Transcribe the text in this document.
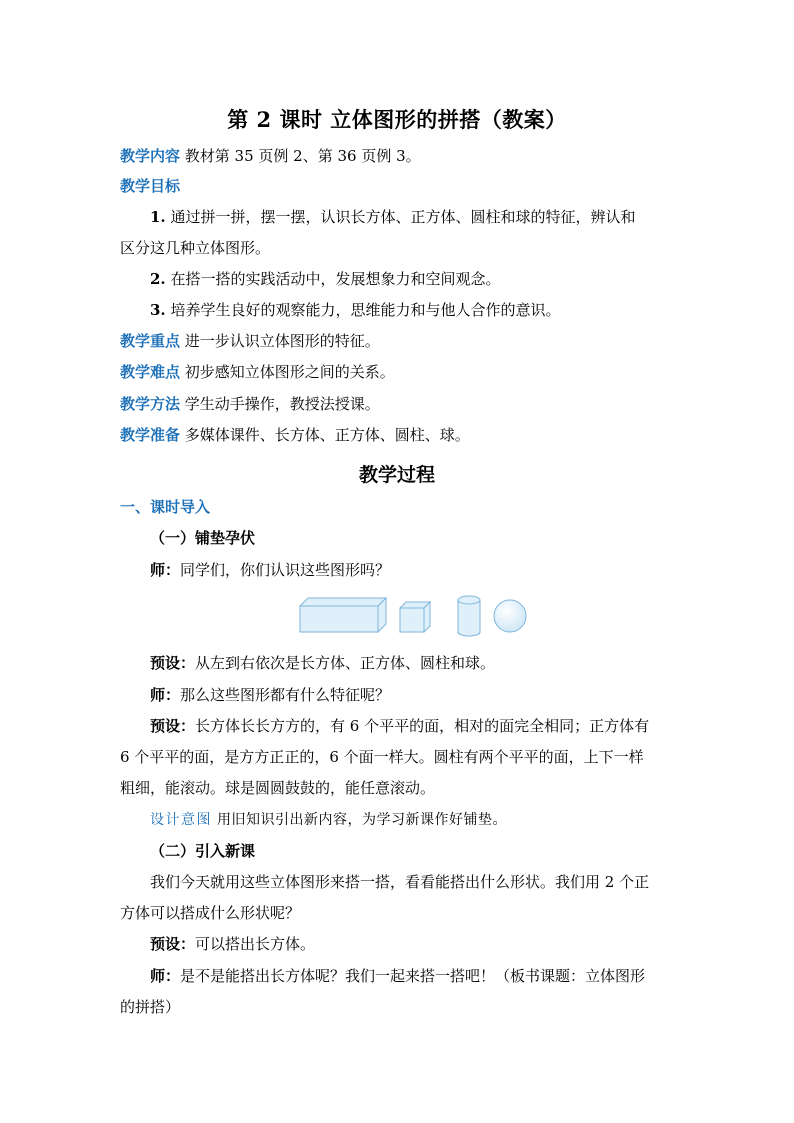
第 2 课时 立体图形的拼搭（教案）
教学内容 教材第 35 页例 2、第 36 页例 3。
教学目标
1. 通过拼一拼，摆一摆，认识长方体、正方体、圆柱和球的特征，辨认和
区分这几种立体图形。
2. 在搭一搭的实践活动中，发展想象力和空间观念。
3. 培养学生良好的观察能力，思维能力和与他人合作的意识。
教学重点 进一步认识立体图形的特征。
教学难点 初步感知立体图形之间的关系。
教学方法 学生动手操作，教授法授课。
教学准备 多媒体课件、长方体、正方体、圆柱、球。
教学过程
一、课时导入
（一）铺垫孕伏
师：同学们，你们认识这些图形吗？
预设：从左到右依次是长方体、正方体、圆柱和球。
师：那么这些图形都有什么特征呢？
预设：长方体长长方方的，有 6 个平平的面，相对的面完全相同；正方体有
6 个平平的面，是方方正正的，6 个面一样大。圆柱有两个平平的面，上下一样
粗细，能滚动。球是圆圆鼓鼓的，能任意滚动。
设计意图 用旧知识引出新内容，为学习新课作好铺垫。
（二）引入新课
我们今天就用这些立体图形来搭一搭，看看能搭出什么形状。我们用 2 个正
方体可以搭成什么形状呢？
预设：可以搭出长方体。
师：是不是能搭出长方体呢？我们一起来搭一搭吧！（板书课题：立体图形
的拼搭）
